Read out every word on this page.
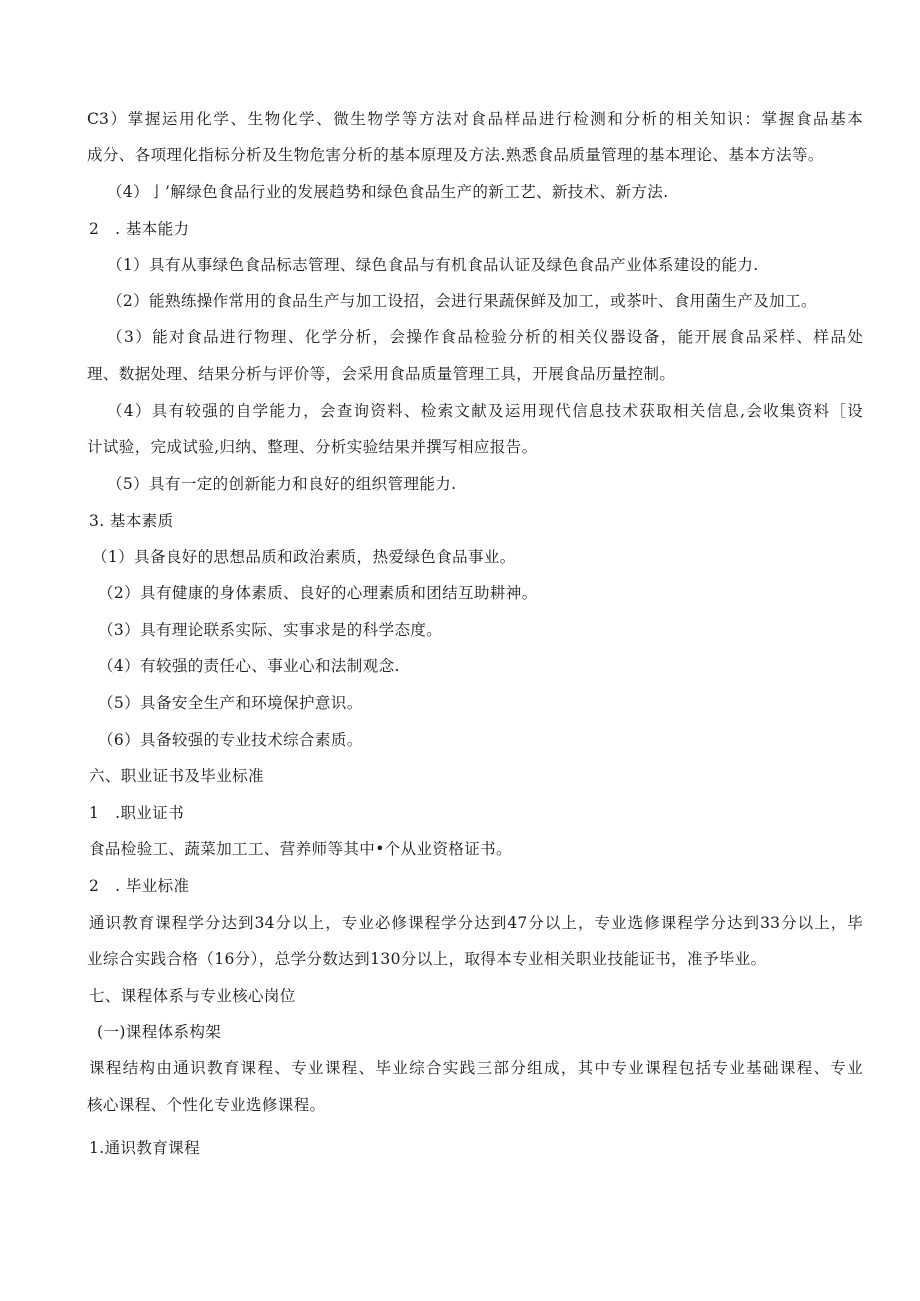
C3）掌握运用化学、生物化学、微生物学等方法对食品样品进行检测和分析的相关知识：掌握食品基本
成分、各项理化指标分析及生物危害分析的基本原理及方法.熟悉食品质量管理的基本理论、基本方法等。
（4）亅’解绿色食品行业的发展趋势和绿色食品生产的新工艺、新技术、新方法.
2　. 基本能力
（1）具有从事绿色食品标志管理、绿色食品与有机食品认证及绿色食品产业体系建设的能力.
（2）能熟练操作常用的食品生产与加工设招，会进行果蔬保鲜及加工，或茶叶、食用菌生产及加工。
（3）能对食品进行物理、化学分析，会操作食品检验分析的相关仪器设备，能开展食品采样、样品处
理、数据处理、结果分析与评价等，会采用食品质量管理工具，开展食品历量控制。
（4）具有较强的自学能力，会查询资料、检索文献及运用现代信息技术获取相关信息,会收集资料［设
计试验，完成试验,归纳、整理、分析实验结果并撰写相应报告。
（5）具有一定的创新能力和良好的组织管理能力.
3. 基本素质
（1）具备良好的思想品质和政治素质，热爱绿色食品事业。
（2）具有健康的身体素质、良好的心理素质和团结互助耕神。
（3）具有理论联系实际、实事求是的科学态度。
（4）有较强的责任心、事业心和法制观念.
（5）具备安全生产和环境保护意识。
（6）具备较强的专业技术综合素质。
六、职业证书及毕业标准
1　.职业证书
食品检验工、蔬菜加工工、营养师等其中•个从业资格证书。
2　. 毕业标准
通识教育课程学分达到34分以上，专业必修课程学分达到47分以上，专业选修课程学分达到33分以上，毕
业综合实践合格（16分），总学分数达到130分以上，取得本专业相关职业技能证书，准予毕业。
七、课程体系与专业核心岗位
(一)课程体系构架
课程结构由通识教育课程、专业课程、毕业综合实践三部分组成，其中专业课程包括专业基础课程、专业
核心课程、个性化专业选修课程。
1.通识教育课程
